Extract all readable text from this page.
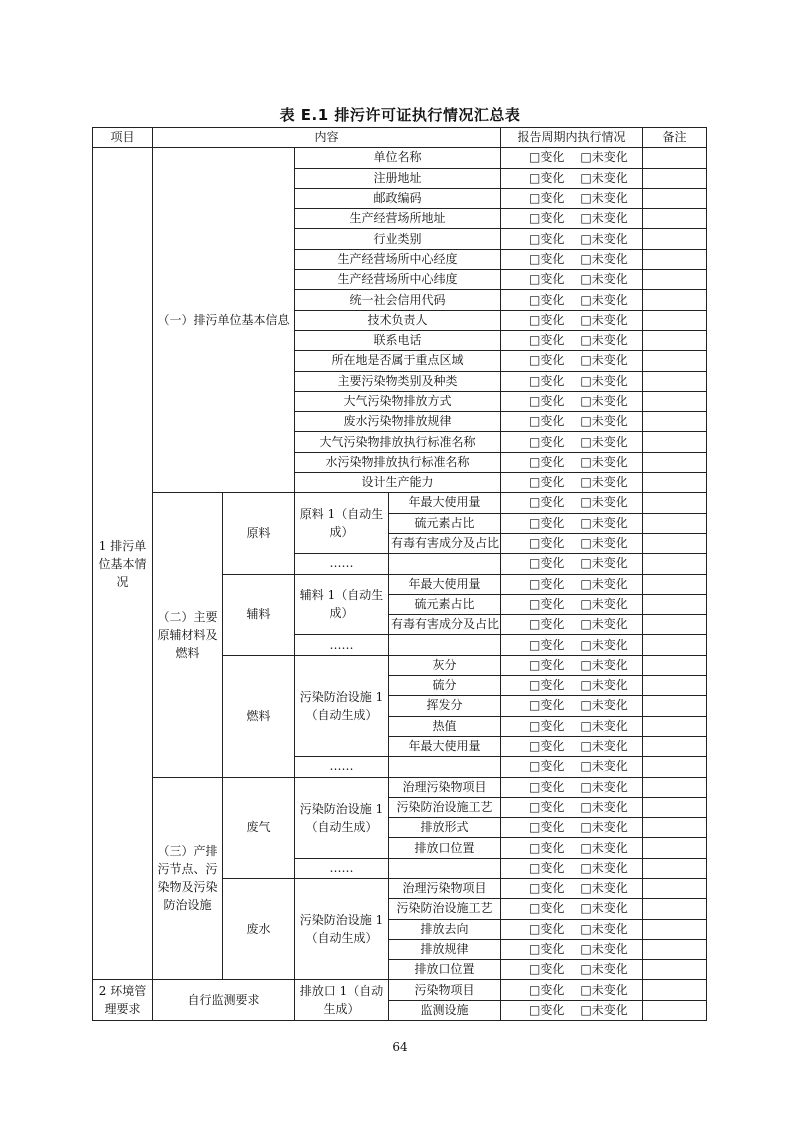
表 E.1 排污许可证执行情况汇总表
项目	内容				报告周期内执行情况	备注
1 排污单位基本情况	（一）排污单位基本信息		单位名称		□变化 □未变化	
			注册地址		□变化 □未变化	
			邮政编码		□变化 □未变化	
			生产经营场所地址		□变化 □未变化	
			行业类别		□变化 □未变化	
			生产经营场所中心经度		□变化 □未变化	
			生产经营场所中心纬度		□变化 □未变化	
			统一社会信用代码		□变化 □未变化	
			技术负责人		□变化 □未变化	
			联系电话		□变化 □未变化	
			所在地是否属于重点区域		□变化 □未变化	
			主要污染物类别及种类		□变化 □未变化	
			大气污染物排放方式		□变化 □未变化	
			废水污染物排放规律		□变化 □未变化	
			大气污染物排放执行标准名称		□变化 □未变化	
			水污染物排放执行标准名称		□变化 □未变化	
			设计生产能力		□变化 □未变化	
	（二）主要原辅材料及燃料	原料	原料 1（自动生成）	年最大使用量	□变化 □未变化	
				硫元素占比	□变化 □未变化	
				有毒有害成分及占比	□变化 □未变化	
			……		□变化 □未变化	
		辅料	辅料 1（自动生成）	年最大使用量	□变化 □未变化	
				硫元素占比	□变化 □未变化	
				有毒有害成分及占比	□变化 □未变化	
			……		□变化 □未变化	
		燃料	污染防治设施 1（自动生成）	灰分	□变化 □未变化	
				硫分	□变化 □未变化	
				挥发分	□变化 □未变化	
				热值	□变化 □未变化	
				年最大使用量	□变化 □未变化	
			……		□变化 □未变化	
	（三）产排污节点、污染物及污染防治设施	废气	污染防治设施 1（自动生成）	治理污染物项目	□变化 □未变化	
				污染防治设施工艺	□变化 □未变化	
				排放形式	□变化 □未变化	
				排放口位置	□变化 □未变化	
			……		□变化 □未变化	
		废水	污染防治设施 1（自动生成）	治理污染物项目	□变化 □未变化	
				污染防治设施工艺	□变化 □未变化	
				排放去向	□变化 □未变化	
				排放规律	□变化 □未变化	
				排放口位置	□变化 □未变化	
2 环境管理要求	自行监测要求		排放口 1（自动生成）	污染物项目	□变化 □未变化	
				监测设施	□变化 □未变化	
64
